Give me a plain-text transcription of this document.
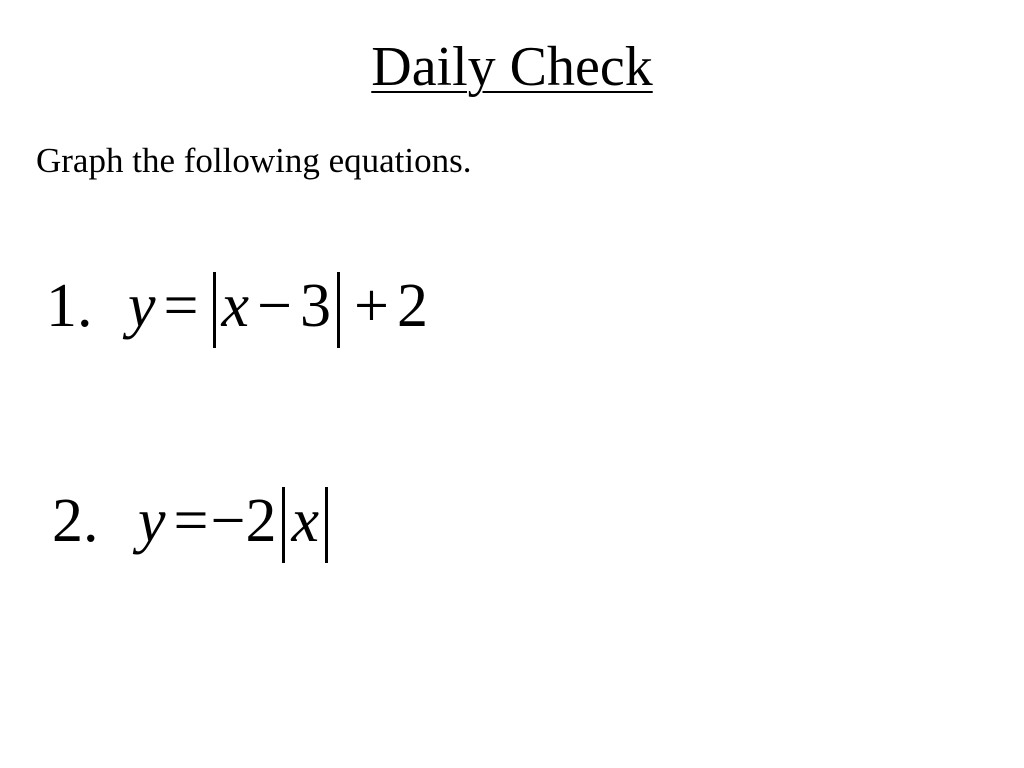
Daily Check
Graph the following equations.
1. y = x − 3 + 2
2. y = − 2 x
